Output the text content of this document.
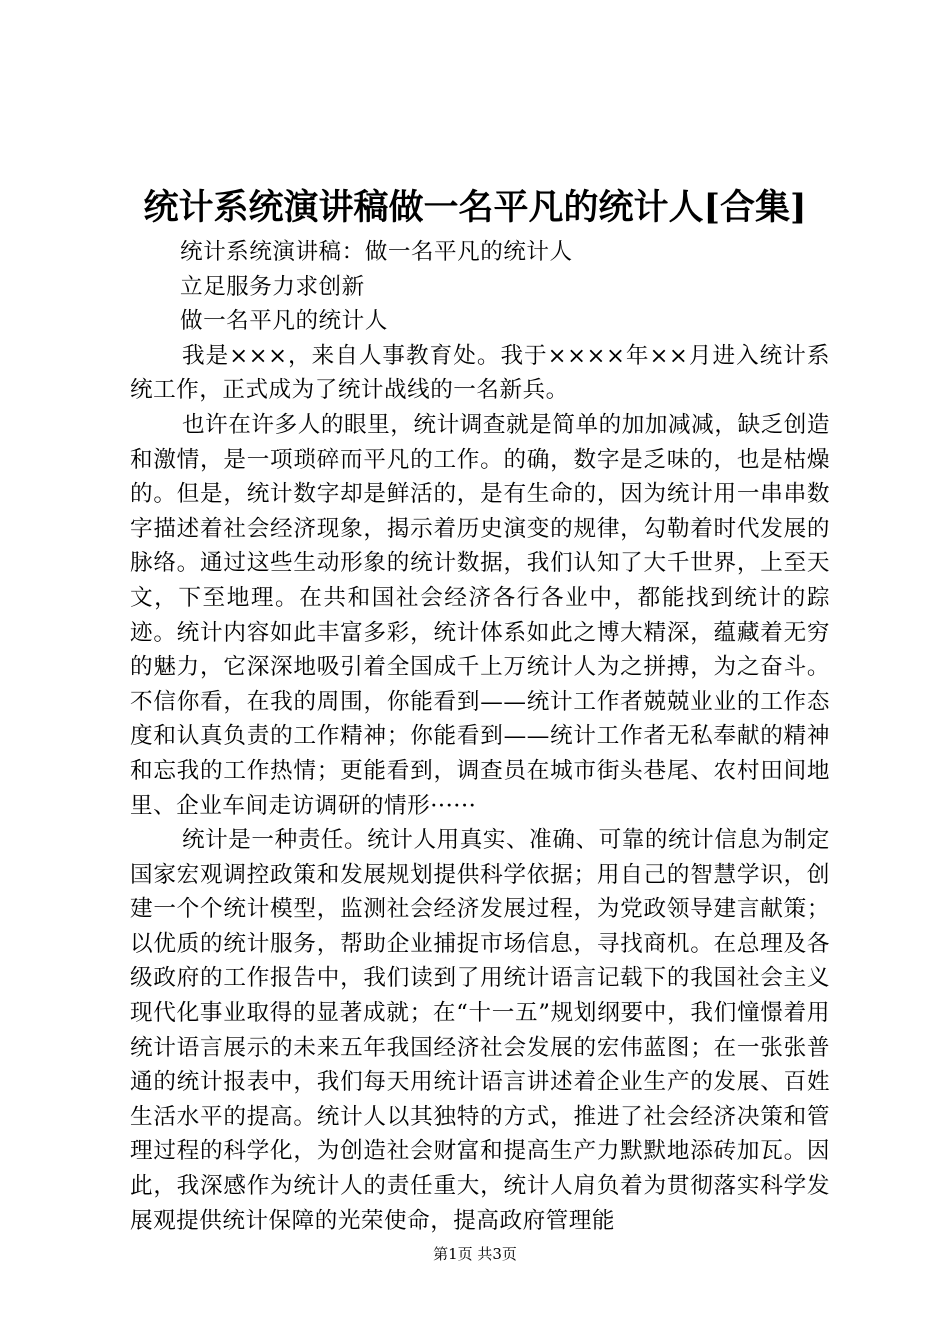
统计系统演讲稿做一名平凡的统计人[合集]

统计系统演讲稿：做一名平凡的统计人

立足服务力求创新

做一名平凡的统计人

我是×××，来自人事教育处。我于××××年××月进入统计系统工作，正式成为了统计战线的一名新兵。

也许在许多人的眼里，统计调查就是简单的加加减减，缺乏创造和激情，是一项琐碎而平凡的工作。的确，数字是乏味的，也是枯燥的。但是，统计数字却是鲜活的，是有生命的，因为统计用一串串数字描述着社会经济现象，揭示着历史演变的规律，勾勒着时代发展的脉络。通过这些生动形象的统计数据，我们认知了大千世界，上至天文，下至地理。在共和国社会经济各行各业中，都能找到统计的踪迹。统计内容如此丰富多彩，统计体系如此之博大精深，蕴藏着无穷的魅力，它深深地吸引着全国成千上万统计人为之拼搏，为之奋斗。不信你看，在我的周围，你能看到——统计工作者兢兢业业的工作态度和认真负责的工作精神；你能看到——统计工作者无私奉献的精神和忘我的工作热情；更能看到，调查员在城市街头巷尾、农村田间地里、企业车间走访调研的情形······

统计是一种责任。统计人用真实、准确、可靠的统计信息为制定国家宏观调控政策和发展规划提供科学依据；用自己的智慧学识，创建一个个统计模型，监测社会经济发展过程，为党政领导建言献策；以优质的统计服务，帮助企业捕捉市场信息，寻找商机。在总理及各级政府的工作报告中，我们读到了用统计语言记载下的我国社会主义现代化事业取得的显著成就；在“十一五”规划纲要中，我们憧憬着用统计语言展示的未来五年我国经济社会发展的宏伟蓝图；在一张张普通的统计报表中，我们每天用统计语言讲述着企业生产的发展、百姓生活水平的提高。统计人以其独特的方式，推进了社会经济决策和管理过程的科学化，为创造社会财富和提高生产力默默地添砖加瓦。因此，我深感作为统计人的责任重大，统计人肩负着为贯彻落实科学发展观提供统计保障的光荣使命，提高政府管理能

第1页 共3页
